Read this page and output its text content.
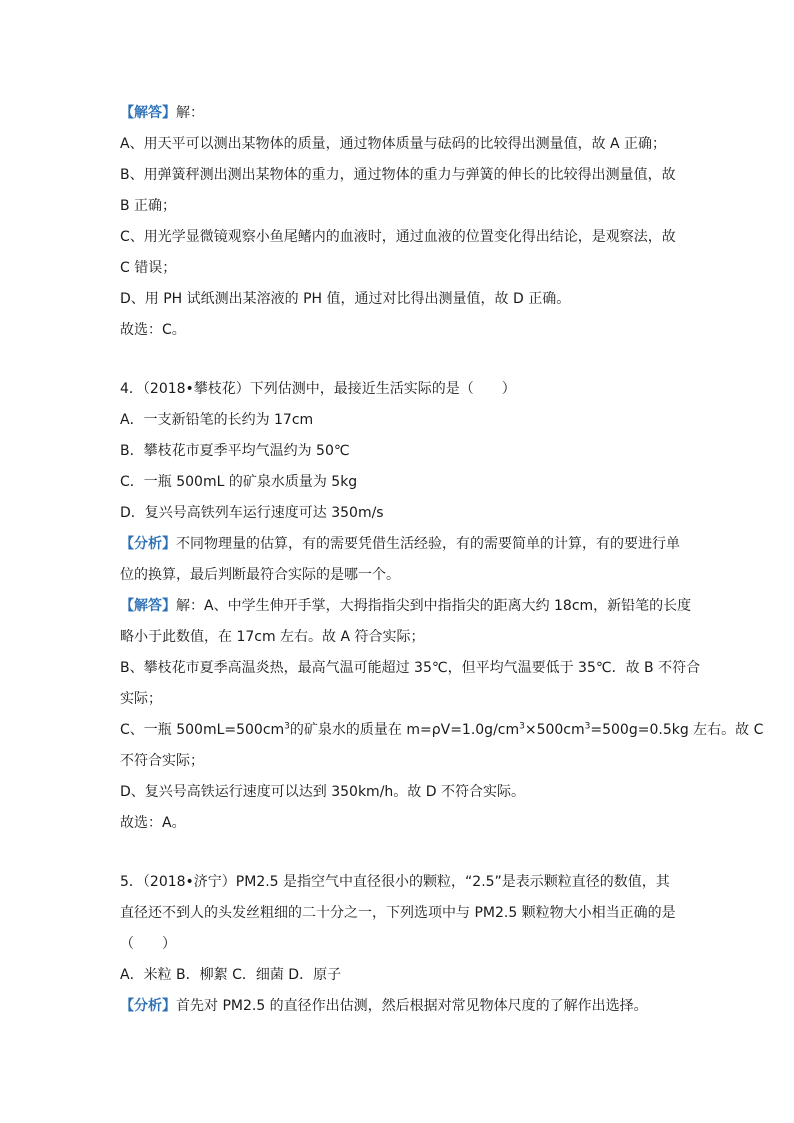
【解答】解：

A、用天平可以测出某物体的质量，通过物体质量与砝码的比较得出测量值，故 A 正确；

B、用弹簧秤测出测出某物体的重力，通过物体的重力与弹簧的伸长的比较得出测量值，故

B 正确；

C、用光学显微镜观察小鱼尾鳍内的血液时，通过血液的位置变化得出结论，是观察法，故

C 错误；

D、用 PH 试纸测出某溶液的 PH 值，通过对比得出测量值，故 D 正确。

故选：C。

4．（2018•攀枝花）下列估测中，最接近生活实际的是（　　）

A．一支新铅笔的长约为 17cm

B．攀枝花市夏季平均气温约为 50℃

C．一瓶 500mL 的矿泉水质量为 5kg

D．复兴号高铁列车运行速度可达 350m/s

【分析】不同物理量的估算，有的需要凭借生活经验，有的需要简单的计算，有的要进行单

位的换算，最后判断最符合实际的是哪一个。

【解答】解：A、中学生伸开手掌，大拇指指尖到中指指尖的距离大约 18cm，新铅笔的长度

略小于此数值，在 17cm 左右。故 A 符合实际；

B、攀枝花市夏季高温炎热，最高气温可能超过 35℃，但平均气温要低于 35℃．故 B 不符合

实际；

C、一瓶 $500mL=500cm^3$的矿泉水的质量在 $m=\rho V=1.0g/cm^3\times 500cm^3=500g=0.5kg$ 左右。故 C

不符合实际；

D、复兴号高铁运行速度可以达到 350km/h。故 D 不符合实际。

故选：A。

5．（2018•济宁）PM2.5 是指空气中直径很小的颗粒，“2.5”是表示颗粒直径的数值，其

直径还不到人的头发丝粗细的二十分之一，下列选项中与 PM2.5 颗粒物大小相当正确的是

（　　）

A．米粒 B．柳絮 C．细菌 D．原子

【分析】首先对 PM2.5 的直径作出估测，然后根据对常见物体尺度的了解作出选择。
